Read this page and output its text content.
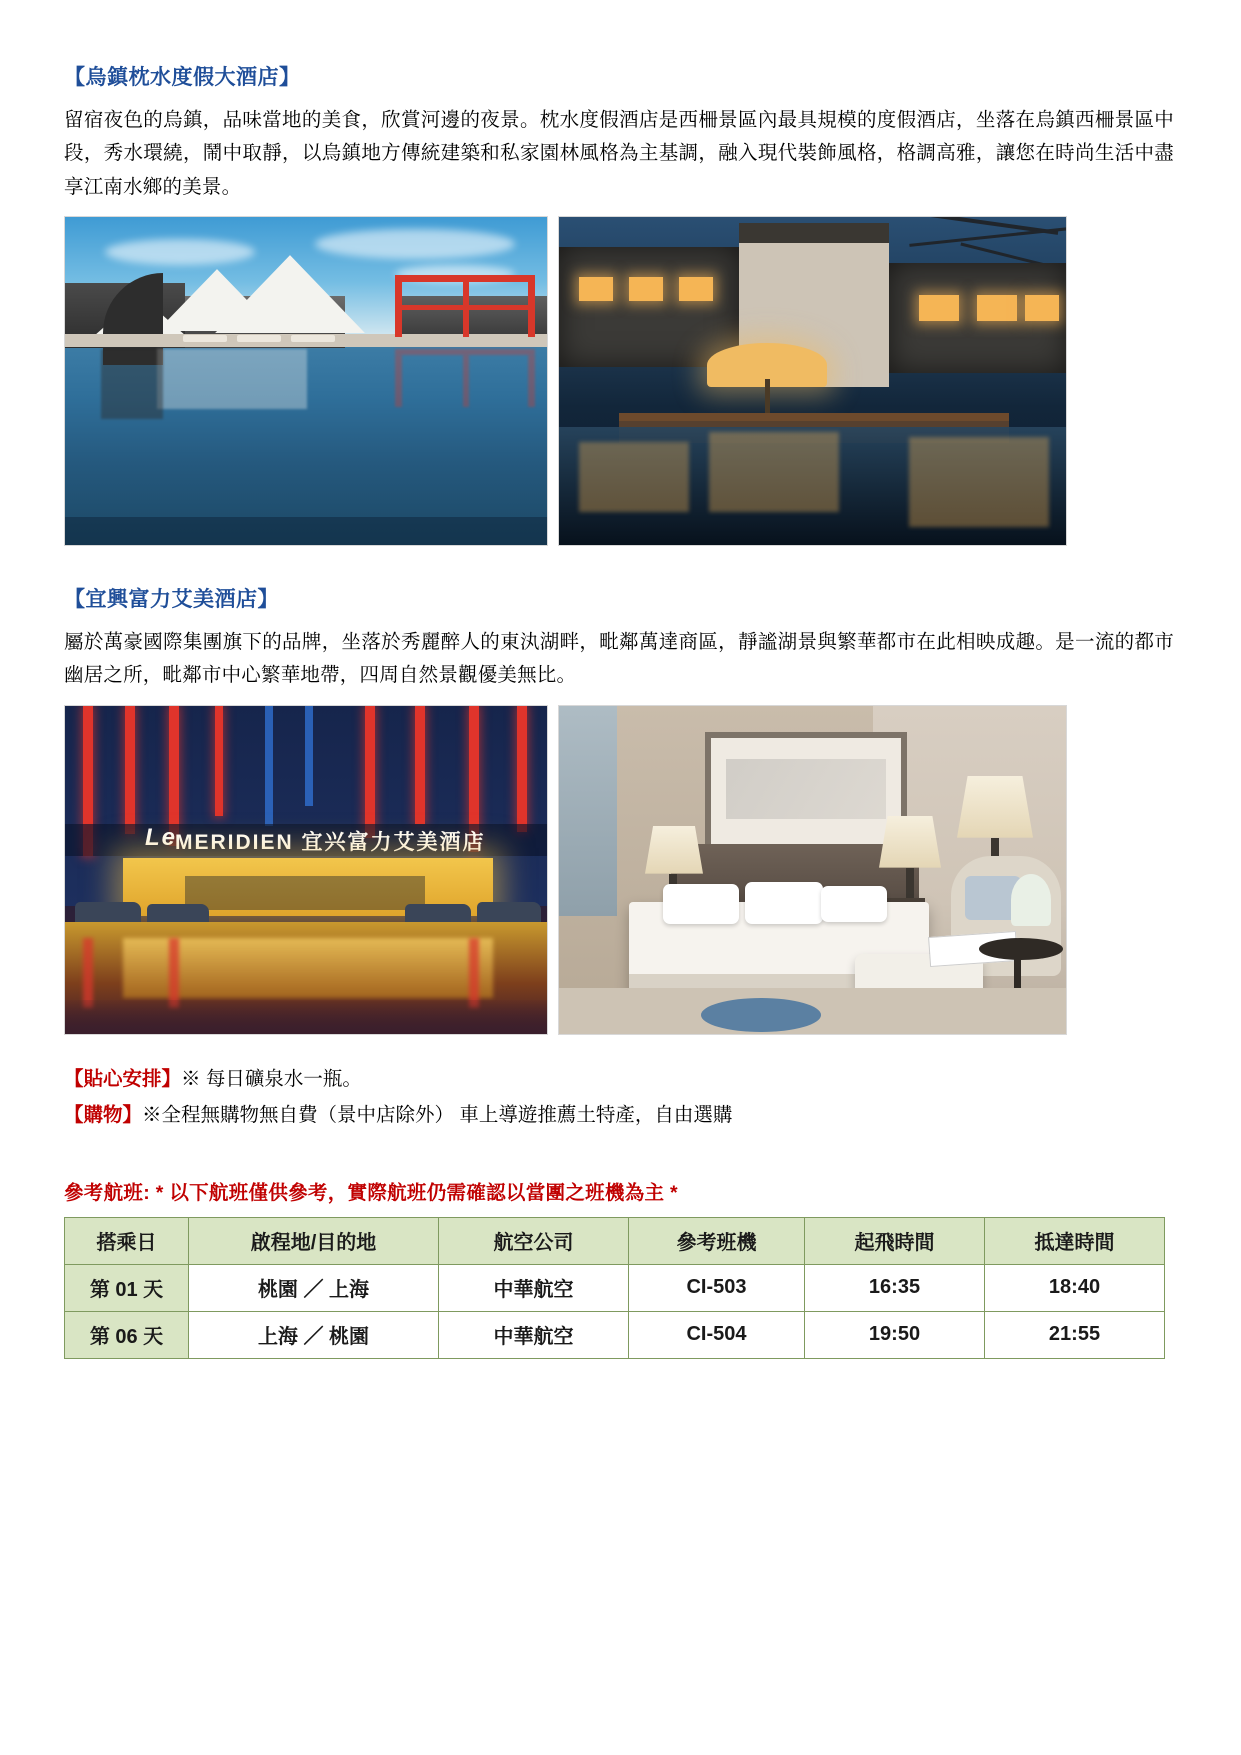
【烏鎮枕水度假大酒店】

留宿夜色的烏鎮，品味當地的美食，欣賞河邊的夜景。枕水度假酒店是西柵景區內最具規模的度假酒店，坐落在烏鎮西柵景區中段，秀水環繞，鬧中取靜，以烏鎮地方傳統建築和私家園林風格為主基調，融入現代裝飾風格，格調高雅，讓您在時尚生活中盡享江南水鄉的美景。

【宜興富力艾美酒店】

屬於萬豪國際集團旗下的品牌，坐落於秀麗醉人的東汍湖畔，毗鄰萬達商區，靜謐湖景與繁華都市在此相映成趣。是一流的都市幽居之所，毗鄰市中心繁華地帶，四周自然景觀優美無比。

MERIDIEN 宜兴富力艾美酒店
Le
【貼心安排】※ 每日礦泉水一瓶。
【購物】※全程無購物無自費（景中店除外） 車上導遊推薦土特產，自由選購
參考航班: * 以下航班僅供參考，實際航班仍需確認以當團之班機為主 *
搭乘日	啟程地/目的地	航空公司	參考班機	起飛時間	抵達時間
第 01 天	桃園 ／ 上海	中華航空	CI-503	16:35	18:40
第 06 天	上海 ／ 桃園	中華航空	CI-504	19:50	21:55
